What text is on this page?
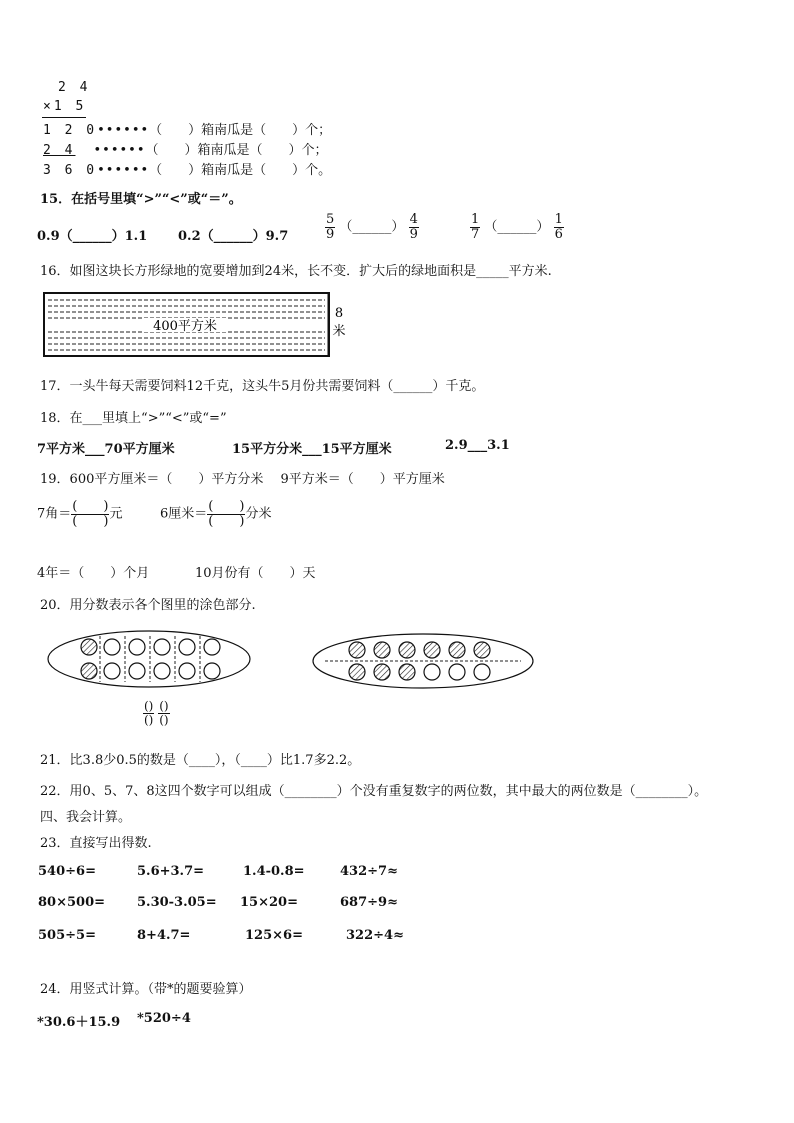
2 4
×1 5
1 2 0••••••（　　）箱南瓜是（　　）个；
2 4 ••••••（　　）箱南瓜是（　　）个；
3 6 0••••••（　　）箱南瓜是（　　）个。
15．在括号里填“>”“<”或“＝”。
0.9（______）1.1 0.2（______）9.7	$\frac{5}{9}$ （______） $\frac{4}{9}$	$\frac{1}{7}$ （______） $\frac{1}{6}$
16．如图这块长方形绿地的宽要增加到24米，长不变．扩大后的绿地面积是_____平方米.
400平方米
8
米
17．一头牛每天需要饲料12千克，这头牛5月份共需要饲料（______）千克。
18．在___里填上“>”“<”或“=”
7平方米___70平方厘米	15平方分米___15平方厘米	2.9___3.1
19．600平方厘米＝（　　）平方分米　 9平方米＝（　　）平方厘米
7角＝ $\frac{( )}{( )}$ 元	6厘米＝ $\frac{( )}{( )}$ 分米
4年＝（　　）个月	10月份有（　　）天
20．用分数表示各个图里的涂色部分.
$\frac{()}{()}$
$\frac{()}{()}$
21．比3.8少0.5的数是（____），（____）比1.7多2.2。
22．用0、5、7、8这四个数字可以组成（________）个没有重复数字的两位数，其中最大的两位数是（________）。
四、我会计算。
23．直接写出得数.
540÷6=	5.6+3.7=	1.4-0.8=	432÷7≈
80×500= 5.30-3.05= 15×20=	687÷9≈
505÷5=	8+4.7=	125×6=	322÷4≈
24．用竖式计算。（带*的题要验算）
*30.6＋15.9 *520÷4
